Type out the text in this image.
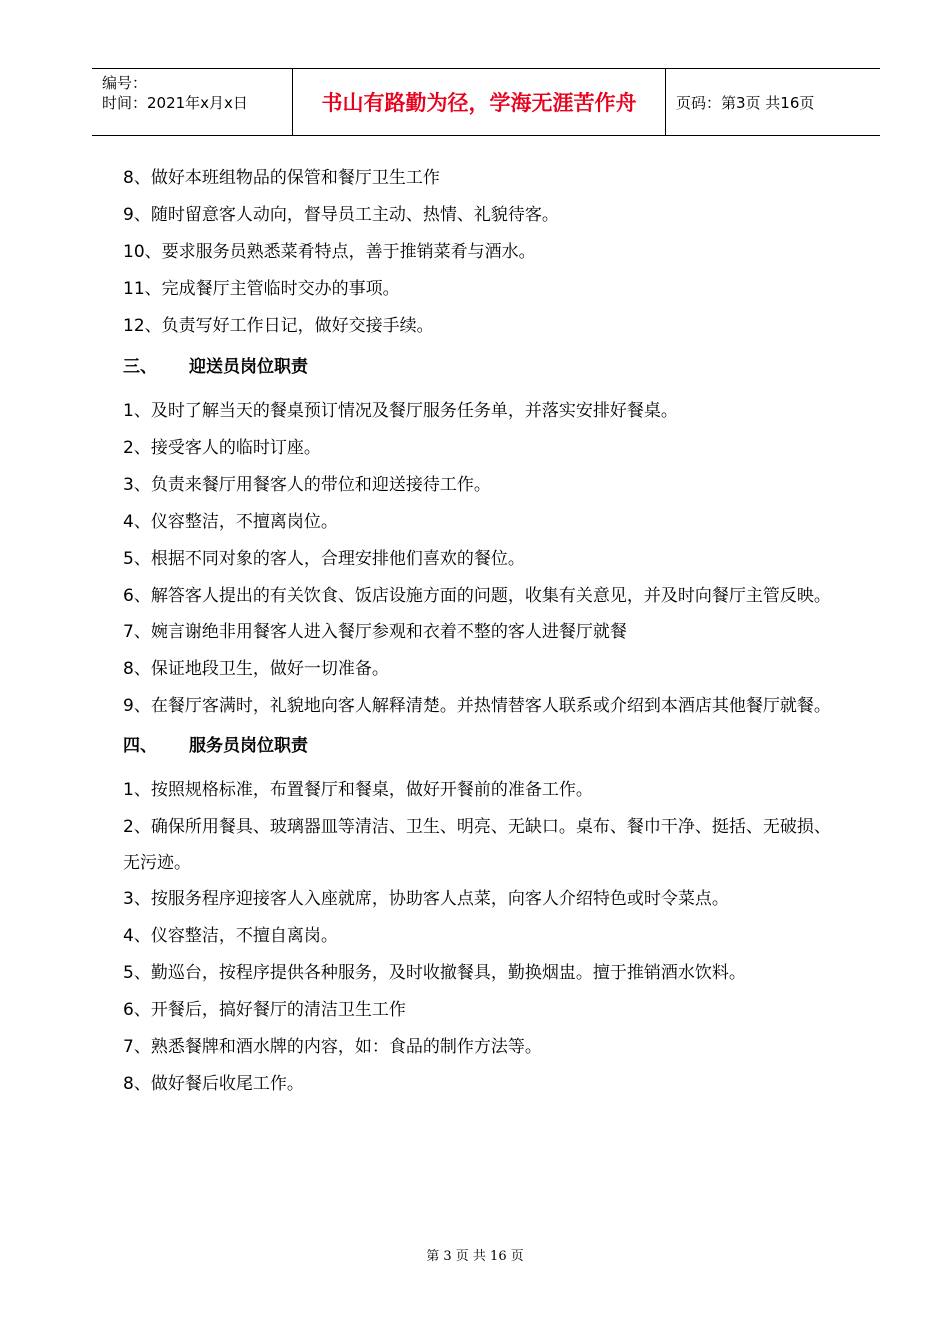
编号：
时间：2021年x月x日	书山有路勤为径，学海无涯苦作舟	页码：第3页 共16页

8、做好本班组物品的保管和餐厅卫生工作

9、随时留意客人动向，督导员工主动、热情、礼貌待客。

10、要求服务员熟悉菜肴特点，善于推销菜肴与酒水。

11、完成餐厅主管临时交办的事项。

12、负责写好工作日记，做好交接手续。

三、	迎送员岗位职责

1、及时了解当天的餐桌预订情况及餐厅服务任务单，并落实安排好餐桌。

2、接受客人的临时订座。

3、负责来餐厅用餐客人的带位和迎送接待工作。

4、仪容整洁，不擅离岗位。

5、根据不同对象的客人，合理安排他们喜欢的餐位。

6、解答客人提出的有关饮食、饭店设施方面的问题，收集有关意见，并及时向餐厅主管反映。

7、婉言谢绝非用餐客人进入餐厅参观和衣着不整的客人进餐厅就餐

8、保证地段卫生，做好一切准备。

9、在餐厅客满时，礼貌地向客人解释清楚。并热情替客人联系或介绍到本酒店其他餐厅就餐。

四、	服务员岗位职责

1、按照规格标准，布置餐厅和餐桌，做好开餐前的准备工作。

2、确保所用餐具、玻璃器皿等清洁、卫生、明亮、无缺口。桌布、餐巾干净、挺括、无破损、无污迹。

3、按服务程序迎接客人入座就席，协助客人点菜，向客人介绍特色或时令菜点。

4、仪容整洁，不擅自离岗。

5、勤巡台，按程序提供各种服务，及时收撤餐具，勤换烟盅。擅于推销酒水饮料。

6、开餐后，搞好餐厅的清洁卫生工作

7、熟悉餐牌和酒水牌的内容，如：食品的制作方法等。

8、做好餐后收尾工作。

第 3 页 共 16 页
